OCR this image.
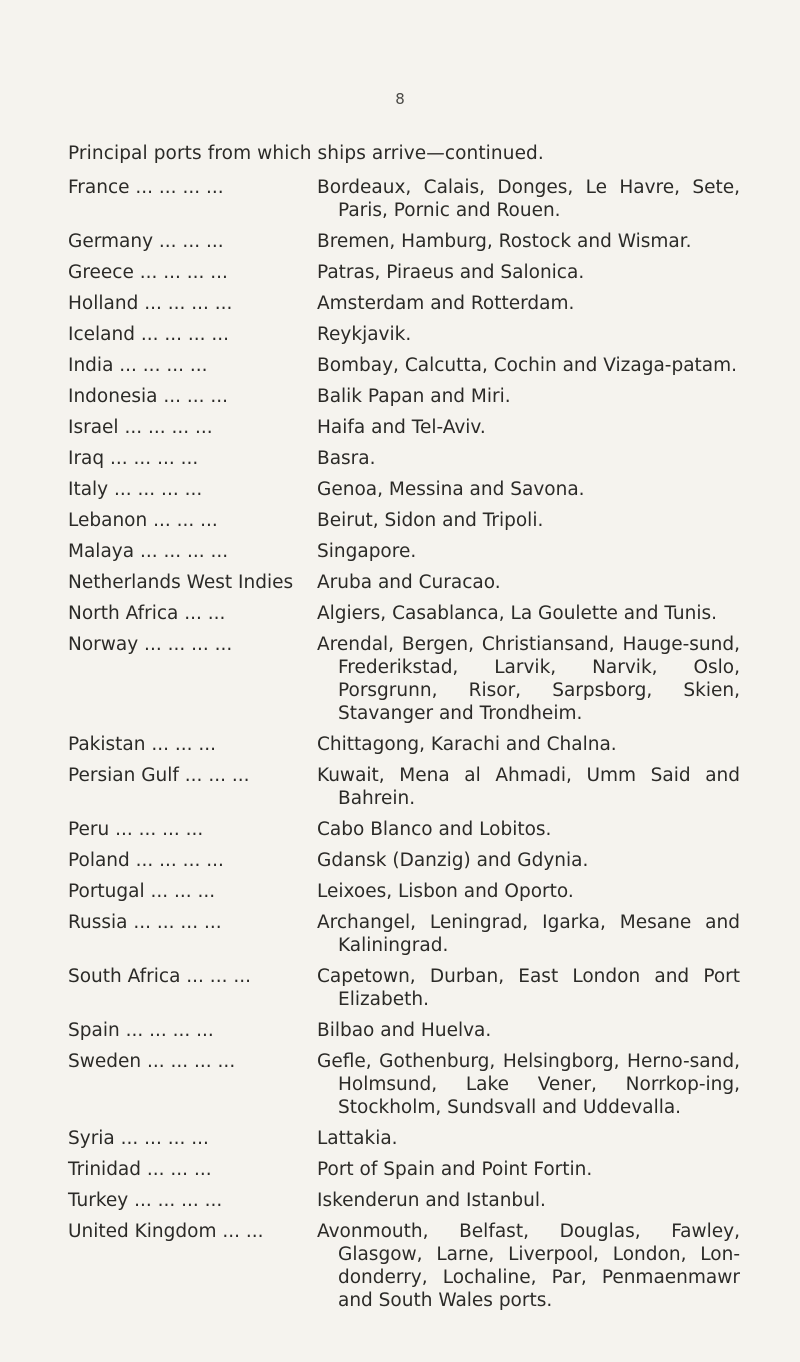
8
Principal ports from which ships arrive—continued.
France ... ... ... ...	Bordeaux, Calais, Donges, Le Havre, Sete, Paris, Pornic and Rouen.
Germany ... ... ...	Bremen, Hamburg, Rostock and Wismar.
Greece ... ... ... ...	Patras, Piraeus and Salonica.
Holland ... ... ... ...	Amsterdam and Rotterdam.
Iceland ... ... ... ...	Reykjavik.
India ... ... ... ...	Bombay, Calcutta, Cochin and Vizaga-patam.
Indonesia ... ... ...	Balik Papan and Miri.
Israel ... ... ... ...	Haifa and Tel-Aviv.
Iraq ... ... ... ...	Basra.
Italy ... ... ... ...	Genoa, Messina and Savona.
Lebanon ... ... ...	Beirut, Sidon and Tripoli.
Malaya ... ... ... ...	Singapore.
Netherlands West Indies	Aruba and Curacao.
North Africa ... ...	Algiers, Casablanca, La Goulette and Tunis.
Norway ... ... ... ...	Arendal, Bergen, Christiansand, Hauge-sund, Frederikstad, Larvik, Narvik, Oslo, Porsgrunn, Risor, Sarpsborg, Skien, Stavanger and Trondheim.
Pakistan ... ... ...	Chittagong, Karachi and Chalna.
Persian Gulf ... ... ...	Kuwait, Mena al Ahmadi, Umm Said and Bahrein.
Peru ... ... ... ...	Cabo Blanco and Lobitos.
Poland ... ... ... ...	Gdansk (Danzig) and Gdynia.
Portugal ... ... ...	Leixoes, Lisbon and Oporto.
Russia ... ... ... ...	Archangel, Leningrad, Igarka, Mesane and Kaliningrad.
South Africa ... ... ...	Capetown, Durban, East London and Port Elizabeth.
Spain ... ... ... ...	Bilbao and Huelva.
Sweden ... ... ... ...	Gefle, Gothenburg, Helsingborg, Herno-sand, Holmsund, Lake Vener, Norrkop-ing, Stockholm, Sundsvall and Uddevalla.
Syria ... ... ... ...	Lattakia.
Trinidad ... ... ...	Port of Spain and Point Fortin.
Turkey ... ... ... ...	Iskenderun and Istanbul.
United Kingdom ... ...	Avonmouth, Belfast, Douglas, Fawley, Glasgow, Larne, Liverpool, London, Lon-donderry, Lochaline, Par, Penmaenmawr and South Wales ports.
